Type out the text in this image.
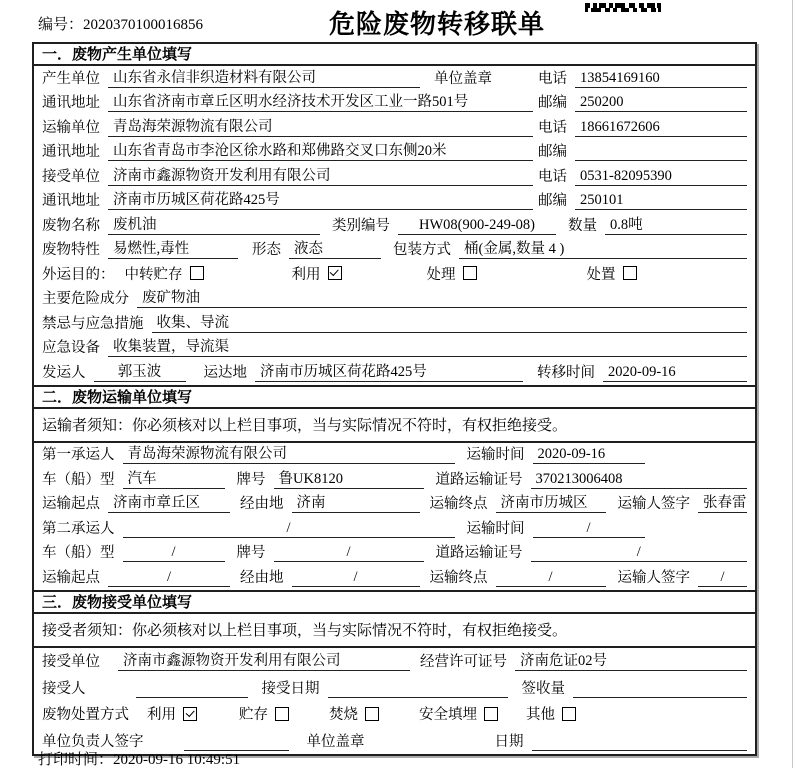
编号：2020370100016856	危险废物转移联单
一．废物产生单位填写
产生单位 山东省永信非织造材料有限公司	单位盖章	电话 13854169160
通讯地址 山东省济南市章丘区明水经济技术开发区工业一路501号	邮编 250200
运输单位 青岛海荣源物流有限公司	电话 18661672606
通讯地址 山东省青岛市李沧区徐水路和郑佛路交叉口东侧20米	邮编
接受单位 济南市鑫源物资开发利用有限公司	电话 0531-82095390
通讯地址 济南市历城区荷花路425号	邮编 250101
废物名称 废机油	类别编号	HW08(900-249-08)	数量 0.8吨
废物特性 易燃性,毒性	形态 液态	包装方式 桶(金属,数量 4 )
外运目的： 中转贮存	利用	处理	处置
主要危险成分 废矿物油
禁忌与应急措施 收集、导流
应急设备 收集装置，导流渠
发运人	郭玉波	运达地 济南市历城区荷花路425号	转移时间 2020-09-16
二．废物运输单位填写
运输者须知：你必须核对以上栏目事项，当与实际情况不符时，有权拒绝接受。
第一承运人 青岛海荣源物流有限公司	运输时间 2020-09-16
车（船）型 汽车	牌号 鲁UK8120	道路运输证号 370213006408
运输起点 济南市章丘区	经由地 济南	运输终点 济南市历城区	运输人签字 张春雷
第二承运人	/	运输时间	/
车（船）型	/	牌号	/	道路运输证号	/
运输起点	/	经由地	/	运输终点	/	运输人签字	/
三．废物接受单位填写
接受者须知：你必须核对以上栏目事项，当与实际情况不符时，有权拒绝接受。
接受单位	济南市鑫源物资开发利用有限公司	经营许可证号 济南危证02号
接受人	接受日期	签收量
废物处置方式 利用	贮存	焚烧	安全填埋	其他
单位负责人签字	单位盖章	日期
打印时间：2020-09-16 10:49:51
